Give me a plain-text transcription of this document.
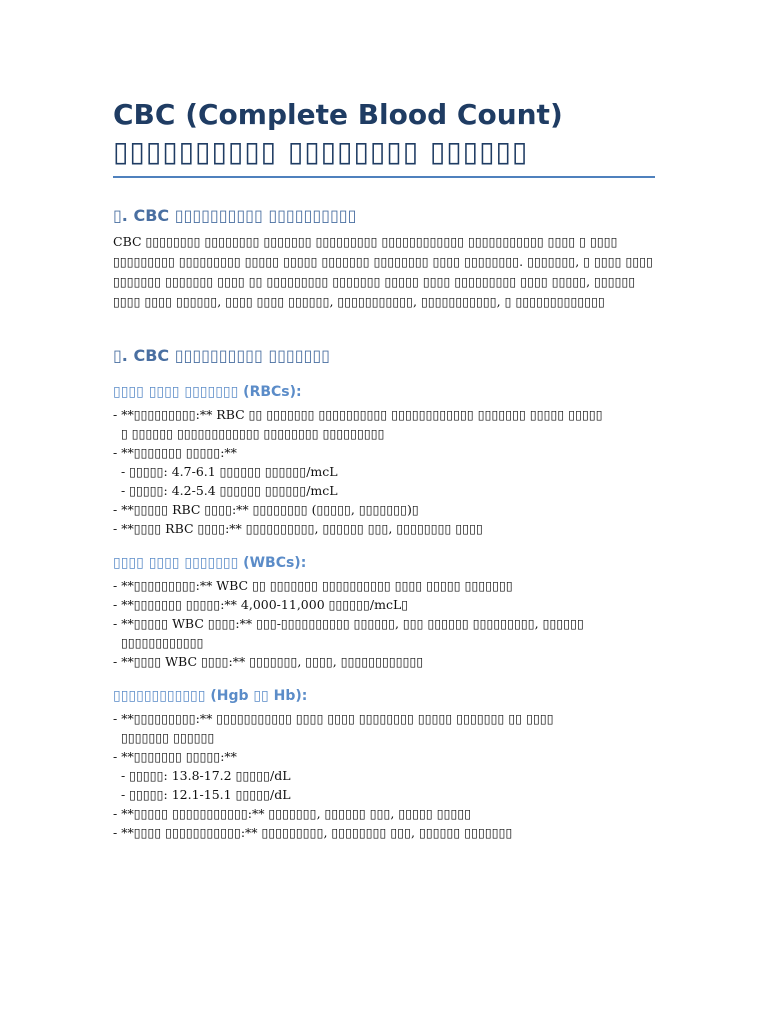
CBC (Complete Blood Count)
▯▯▯▯▯▯▯▯▯▯ ▯▯▯▯▯▯▯▯ ▯▯▯▯▯▯
▯. CBC ▯▯▯▯▯▯▯▯▯▯ ▯▯▯▯▯▯▯▯▯▯

CBC ▯▯▯▯▯▯▯▯ ▯▯▯▯▯▯▯▯ ▯▯▯▯▯▯▯ ▯▯▯▯▯▯▯▯▯ ▯▯▯▯▯▯▯▯▯▯▯▯ ▯▯▯▯▯▯▯▯▯▯▯ ▯▯▯▯ ▯ ▯▯▯▯ ▯▯▯▯▯▯▯▯▯ ▯▯▯▯▯▯▯▯▯ ▯▯▯▯▯ ▯▯▯▯▯ ▯▯▯▯▯▯▯ ▯▯▯▯▯▯▯▯ ▯▯▯▯ ▯▯▯▯▯▯▯▯. ▯▯▯▯▯▯▯, ▯ ▯▯▯▯ ▯▯▯▯ ▯▯▯▯▯▯▯ ▯▯▯▯▯▯▯ ▯▯▯▯ ▯▯ ▯▯▯▯▯▯▯▯▯ ▯▯▯▯▯▯▯ ▯▯▯▯▯ ▯▯▯▯ ▯▯▯▯▯▯▯▯▯ ▯▯▯▯ ▯▯▯▯▯, ▯▯▯▯▯▯ ▯▯▯▯ ▯▯▯▯ ▯▯▯▯▯▯, ▯▯▯▯ ▯▯▯▯ ▯▯▯▯▯▯, ▯▯▯▯▯▯▯▯▯▯▯, ▯▯▯▯▯▯▯▯▯▯▯, ▯ ▯▯▯▯▯▯▯▯▯▯▯▯▯

▯. CBC ▯▯▯▯▯▯▯▯▯▯ ▯▯▯▯▯▯▯
▯▯▯▯ ▯▯▯▯ ▯▯▯▯▯▯▯ (RBCs):
- **▯▯▯▯▯▯▯▯▯:** RBC ▯▯ ▯▯▯▯▯▯▯ ▯▯▯▯▯▯▯▯▯▯ ▯▯▯▯▯▯▯▯▯▯▯▯ ▯▯▯▯▯▯▯ ▯▯▯▯▯ ▯▯▯▯▯
▯ ▯▯▯▯▯▯ ▯▯▯▯▯▯▯▯▯▯▯▯ ▯▯▯▯▯▯▯▯ ▯▯▯▯▯▯▯▯▯
- **▯▯▯▯▯▯▯ ▯▯▯▯▯:**
- ▯▯▯▯▯: 4.7-6.1 ▯▯▯▯▯▯ ▯▯▯▯▯▯/mcL
- ▯▯▯▯▯: 4.2-5.4 ▯▯▯▯▯▯ ▯▯▯▯▯▯/mcL
- **▯▯▯▯▯ RBC ▯▯▯▯:** ▯▯▯▯▯▯▯▯ (▯▯▯▯▯, ▯▯▯▯▯▯▯)▯
- **▯▯▯▯ RBC ▯▯▯▯:** ▯▯▯▯▯▯▯▯▯▯, ▯▯▯▯▯▯ ▯▯▯, ▯▯▯▯▯▯▯▯ ▯▯▯▯
▯▯▯▯ ▯▯▯▯ ▯▯▯▯▯▯▯ (WBCs):
- **▯▯▯▯▯▯▯▯▯:** WBC ▯▯ ▯▯▯▯▯▯▯ ▯▯▯▯▯▯▯▯▯▯ ▯▯▯▯ ▯▯▯▯▯ ▯▯▯▯▯▯▯
- **▯▯▯▯▯▯▯ ▯▯▯▯▯:** 4,000-11,000 ▯▯▯▯▯▯/mcL▯
- **▯▯▯▯▯ WBC ▯▯▯▯:** ▯▯▯-▯▯▯▯▯▯▯▯▯▯ ▯▯▯▯▯▯, ▯▯▯ ▯▯▯▯▯▯ ▯▯▯▯▯▯▯▯▯, ▯▯▯▯▯▯
▯▯▯▯▯▯▯▯▯▯▯▯
- **▯▯▯▯ WBC ▯▯▯▯:** ▯▯▯▯▯▯▯, ▯▯▯▯, ▯▯▯▯▯▯▯▯▯▯▯▯
▯▯▯▯▯▯▯▯▯▯▯▯ (Hgb ▯▯ Hb):
- **▯▯▯▯▯▯▯▯▯:** ▯▯▯▯▯▯▯▯▯▯▯ ▯▯▯▯ ▯▯▯▯ ▯▯▯▯▯▯▯▯ ▯▯▯▯▯ ▯▯▯▯▯▯▯ ▯▯ ▯▯▯▯
▯▯▯▯▯▯▯ ▯▯▯▯▯▯
- **▯▯▯▯▯▯▯ ▯▯▯▯▯:**
- ▯▯▯▯▯: 13.8-17.2 ▯▯▯▯▯/dL
- ▯▯▯▯▯: 12.1-15.1 ▯▯▯▯▯/dL
- **▯▯▯▯▯ ▯▯▯▯▯▯▯▯▯▯▯:** ▯▯▯▯▯▯▯, ▯▯▯▯▯▯ ▯▯▯, ▯▯▯▯▯ ▯▯▯▯▯
- **▯▯▯▯ ▯▯▯▯▯▯▯▯▯▯▯:** ▯▯▯▯▯▯▯▯▯, ▯▯▯▯▯▯▯▯ ▯▯▯, ▯▯▯▯▯▯ ▯▯▯▯▯▯▯
